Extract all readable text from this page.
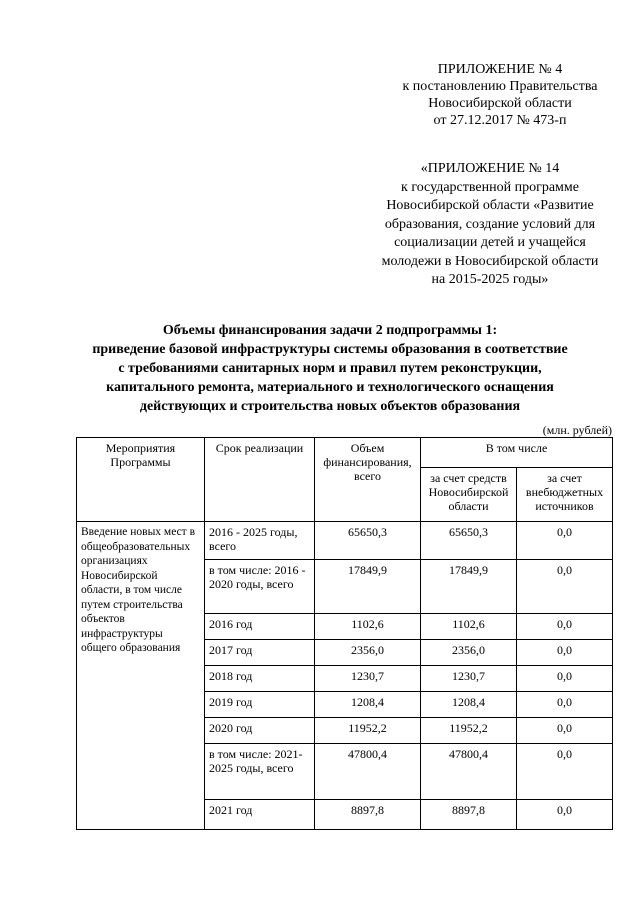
ПРИЛОЖЕНИЕ № 4
к постановлению Правительства
Новосибирской области
от 27.12.2017 № 473-п
«ПРИЛОЖЕНИЕ № 14
к государственной программе
Новосибирской области «Развитие
образования, создание условий для
социализации детей и учащейся
молодежи в Новосибирской области
на 2015-2025 годы»
Объемы финансирования задачи 2 подпрограммы 1:
приведение базовой инфраструктуры системы образования в соответствие
с требованиями санитарных норм и правил путем реконструкции,
капитального ремонта, материального и технологического оснащения
действующих и строительства новых объектов образования
(млн. рублей)
Мероприятия Программы	Срок реализации	Объем финансирования, всего	В том числе	
			за счет средств Новосибирской области	за счет внебюджетных источников
Введение новых мест в общеобразовательных организациях Новосибирской области, в том числе путем строительства объектов инфраструктуры общего образования	2016 - 2025 годы, всего	65650,3	65650,3	0,0
	в том числе: 2016 - 2020 годы, всего	17849,9	17849,9	0,0
	2016 год	1102,6	1102,6	0,0
	2017 год	2356,0	2356,0	0,0
	2018 год	1230,7	1230,7	0,0
	2019 год	1208,4	1208,4	0,0
	2020 год	11952,2	11952,2	0,0
	в том числе: 2021-2025 годы, всего	47800,4	47800,4	0,0
	2021 год	8897,8	8897,8	0,0
